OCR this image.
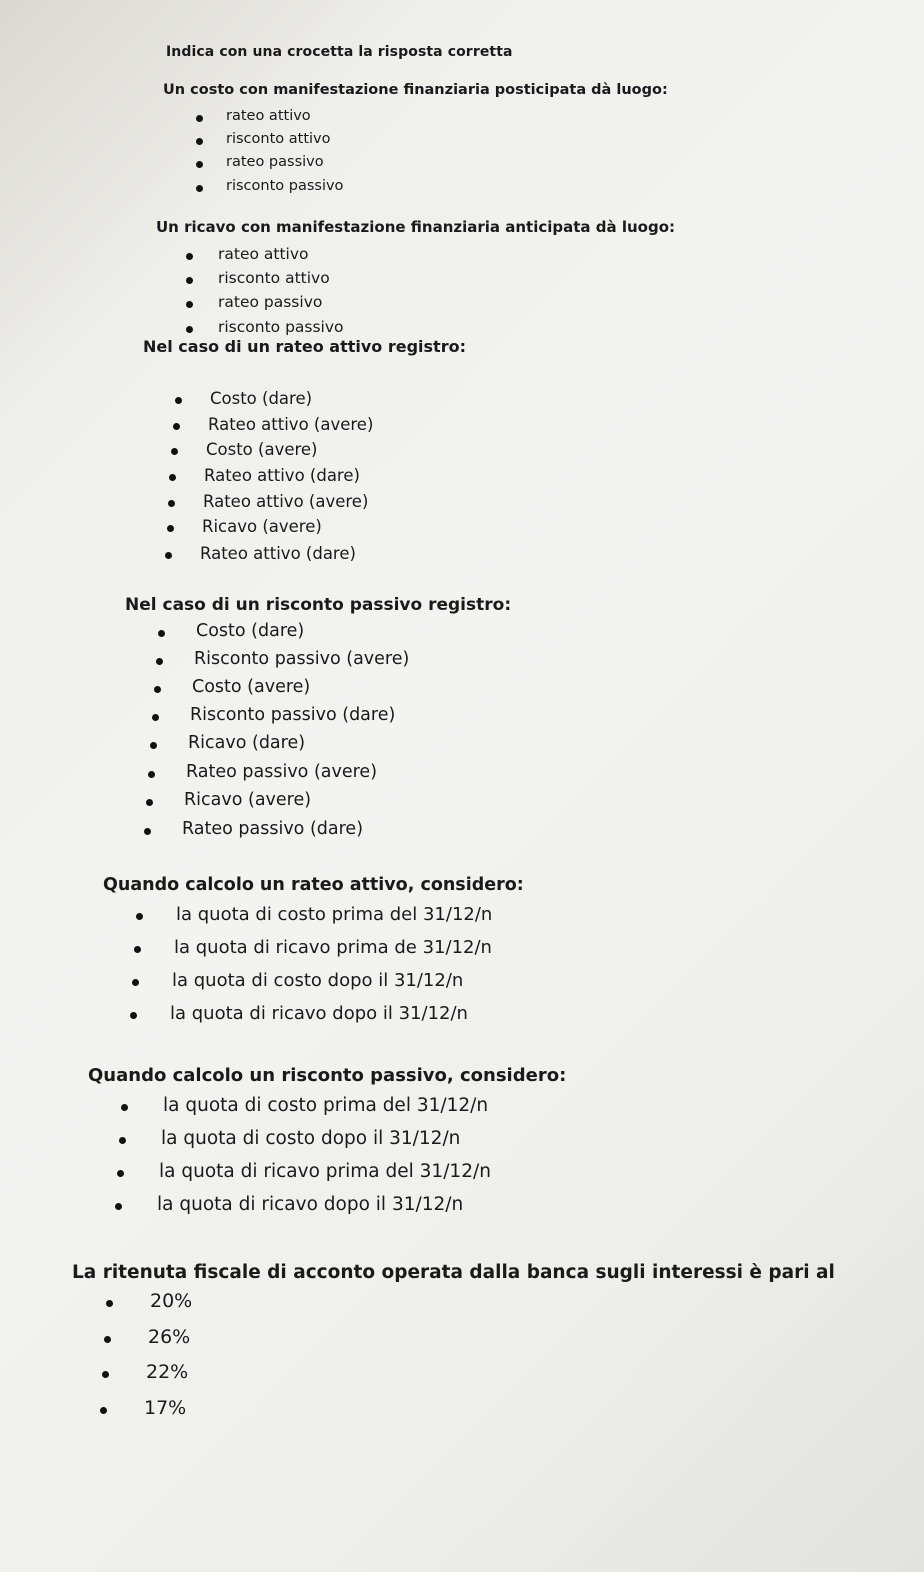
Indica con una crocetta la risposta corretta
Un costo con manifestazione finanziaria posticipata dà luogo:
rateo attivo
risconto attivo
rateo passivo
risconto passivo
Un ricavo con manifestazione finanziaria anticipata dà luogo:
rateo attivo
risconto attivo
rateo passivo
risconto passivo
Nel caso di un rateo attivo registro:
Costo (dare)
Rateo attivo (avere)
Costo (avere)
Rateo attivo (dare)
Rateo attivo (avere)
Ricavo (avere)
Rateo attivo (dare)
Nel caso di un risconto passivo registro:
Costo (dare)
Risconto passivo (avere)
Costo (avere)
Risconto passivo (dare)
Ricavo (dare)
Rateo passivo (avere)
Ricavo (avere)
Rateo passivo (dare)
Quando calcolo un rateo attivo, considero:
la quota di costo prima del 31/12/n
la quota di ricavo prima de 31/12/n
la quota di costo dopo il 31/12/n
la quota di ricavo dopo il 31/12/n
Quando calcolo un risconto passivo, considero:
la quota di costo prima del 31/12/n
la quota di costo dopo il 31/12/n
la quota di ricavo prima del 31/12/n
la quota di ricavo dopo il 31/12/n
La ritenuta fiscale di acconto operata dalla banca sugli interessi è pari al
20%
26%
22%
17%
